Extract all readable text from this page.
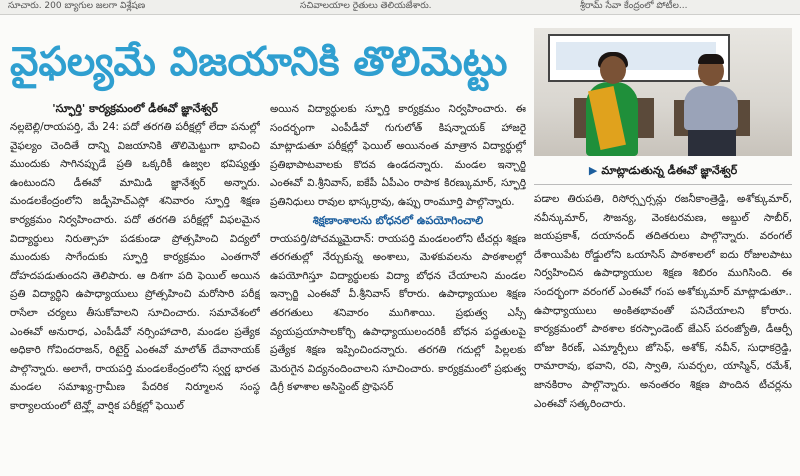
సూచారు. 200 బ్యాగుల జలగా విశ్లేషణ	సచివాలయాల రైతులు తెలియజేశారు.	శ్రీరామ్ సేవా కేంద్రంలో పోటీల...
వైఫల్యమే విజయానికి తొలిమెట్టు

'స్ఫూర్తి' కార్యక్రమంలో డీఈవో జ్ఞానేశ్వర్

నల్లబెల్లి/రాయపర్తి, మే 24: పదో తరగతి పరీక్షల్లో లేదా పనుల్లో వైఫల్యం చెందితే దాన్ని విజయానికి తొలిమెట్టుగా భావించి ముందుకు సాగినప్పుడే ప్రతి ఒక్కరికీ ఉజ్వల భవిష్యత్తు ఉంటుందని డీఈవో మామిడి జ్ఞానేశ్వర్ అన్నారు. మండలకేంద్రంలోని జడ్పీహెచ్ఎస్లో శనివారం స్ఫూర్తి శిక్షణ కార్యక్రమం నిర్వహించారు. పదో తరగతి పరీక్షల్లో విఫలమైన విద్యార్థులు నిరుత్సాహ పడకుండా ప్రోత్సహించి విద్యలో ముందుకు సాగేందుకు స్ఫూర్తి కార్యక్రమం ఎంతగానో దోహదపడుతుందని తెలిపారు. ఆ దిశగా పది ఫెయిల్ అయిన ప్రతి విద్యార్థిని ఉపాధ్యాయులు ప్రోత్సహించి మరోసారి పరీక్ష రాసేలా చర్యలు తీసుకోవాలని సూచించారు. సమావేశంలో ఎంఈవో అనురాధ, ఎంపీడీవో నర్సింహాచారి, మండల ప్రత్యేక అధికారి గోవిందరాజన్, రిటైర్డ్ ఎంఈవో మాలోత్ దేవానాయక్ పాల్గొన్నారు. అలాగే, రాయపర్తి మండలకేంద్రంలోని స్వర్ణ భారత మండల సమాఖ్య-గ్రామీణ పేదరిక నిర్మూలన సంస్థ కార్యాలయంలో టెన్త్లో వార్షిక పరీక్షల్లో ఫెయిల్

అయిన విద్యార్థులకు స్ఫూర్తి కార్యక్రమం నిర్వహించారు. ఈ సందర్భంగా ఎంపీడీవో గుగులోత్ కిషన్నాయక్ హాజరై మాట్లాడుతూ పరీక్షల్లో ఫెయిల్ అయినంత మాత్రాన విద్యార్థుల్లో ప్రతిభాపాటవాలకు కొదవ ఉండదన్నారు. మండల ఇన్చార్జి ఎంఈవో వి.శ్రీనివాస్, ఐకేపీ ఏపీఎం రాపాక కిరణ్కుమార్, స్ఫూర్తి ప్రతినిధులు రావుల భాస్కర్రావు, ఉప్పు రాంమూర్తి పాల్గొన్నారు.

శిక్షణాంశాలను బోధనలో ఉపయోగించాలి

రాయపర్తి/పోచమ్మమైదాన్: రాయపర్తి మండలంలోని టీచర్లు శిక్షణ తరగతుల్లో నేర్చుకున్న అంశాలు, మెళకువలను పాఠశాలల్లో ఉపయోగిస్తూ విద్యార్థులకు విద్యా బోధన చేయాలని మండల ఇన్చార్జి ఎంఈవో వీ.శ్రీనివాస్ కోరారు. ఉపాధ్యాయుల శిక్షణ తరగతులు శనివారం ముగిశాయి. ప్రభుత్వ ఎస్సీ వ్యయప్రయాసాలకోర్చి ఉపాధ్యాయులందరికీ బోధన పద్ధతులపై ప్రత్యేక శిక్షణ ఇప్పించిందన్నారు. తరగతి గదుల్లో పిల్లలకు మెరుగైన విద్యనందించాలని సూచించారు. కార్యక్రమంలో ప్రభుత్వ డిగ్రీ కళాశాల అసిస్టెంట్ ప్రొఫెసర్

▶ మాట్లాడుతున్న డీఈవో జ్ఞానేశ్వర్

పడాల తిరుపతి, రిసోర్స్పర్సన్లు రజనీకాంత్రెడ్డి, అశోక్కుమార్, నవీన్కుమార్, సౌజన్య, వెంకటరమణ, అబ్దుల్ సాబీర్, జయప్రకాశ్, దయానంద్ తదితరులు పాల్గొన్నారు. వరంగల్ దేశాయిపేట రోడ్డులోని ఒయాసిస్ పాఠశాలలో ఐదు రోజులపాటు నిర్వహించిన ఉపాధ్యాయుల శిక్షణ శిబిరం ముగిసింది. ఈ సందర్భంగా వరంగల్ ఎంఈవో గంప అశోక్కుమార్ మాట్లాడుతూ.. ఉపాధ్యాయులు అంకితభావంతో పనిచేయాలని కోరారు. కార్యక్రమంలో పాఠశాల కరస్పాండెంట్ జేఎస్ పరంజ్యోతి, డీఆర్పీ బోజు కిరణ్, ఎమ్మార్పీలు జోసెఫ్, అశోక్, నవీన్, సుధాకర్రెడ్డి, రామారావు, భవాని, రవి, స్వాతి, సువర్చల, యాస్మిన్, రమేశ్, జానకిరాం పాల్గొన్నారు. అనంతరం శిక్షణ పొందిన టీచర్లను ఎంఈవో సత్కరించారు.
